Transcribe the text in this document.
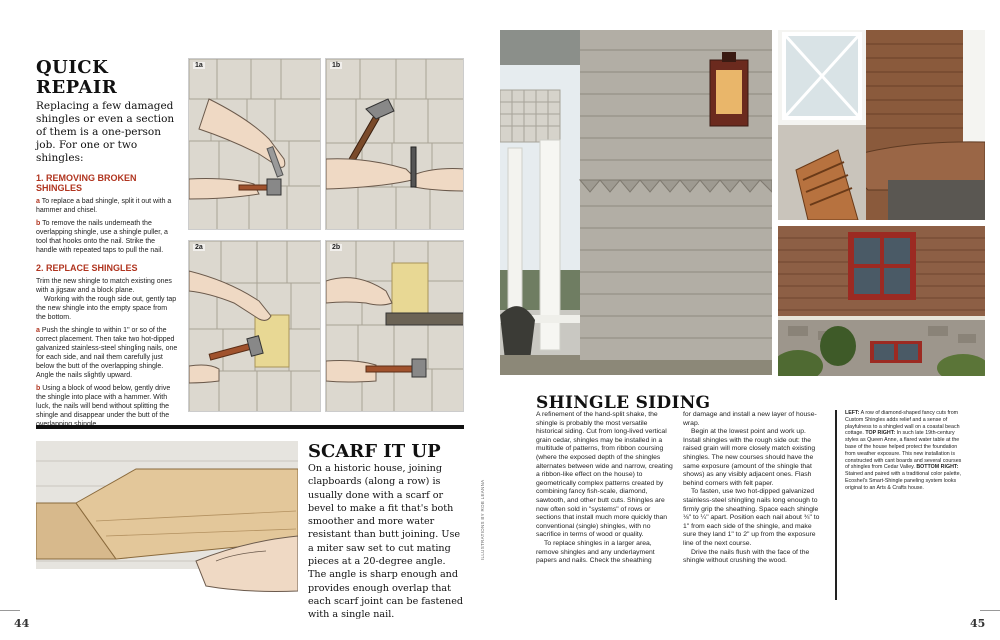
QUICK REPAIR
Replacing a few damaged shingles or even a section of them is a one-person job. For one or two shingles:
1. REMOVING BROKEN SHINGLES

a To replace a bad shingle, split it out with a hammer and chisel.

b To remove the nails underneath the overlapping shingle, use a shingle puller, a tool that hooks onto the nail. Strike the handle with repeated taps to pull the nail.

2. REPLACE SHINGLES

Trim the new shingle to match existing ones with a jigsaw and a block plane.

Working with the rough side out, gently tap the new shingle into the empty space from the bottom.

a Push the shingle to within 1" or so of the correct placement. Then take two hot-dipped galvanized stainless-steel shingling nails, one for each side, and nail them carefully just below the butt of the overlapping shingle. Angle the nails slightly upward.

b Using a block of wood below, gently drive the shingle into place with a hammer. With luck, the nails will bend without splitting the shingle and disappear under the butt of the

1a	1b
2a	2b
SCARF IT UP
On a historic house, joining clapboards (along a row) is usually done with a scarf or bevel to make a fit that's both smoother and more water resistant than butt joining. Use a miter saw set to cut mating pieces at a 20-degree angle. The angle is sharp enough and provides enough overlap that each scarf joint can be fastened with a single nail.
ILLUSTRATIONS BY ROB LEANNA
44
SHINGLE SIDING

A refinement of the hand-split shake, the shingle is probably the most versatile historical siding. Cut from long-lived vertical grain cedar, shingles may be installed in a multitude of patterns, from ribbon coursing (where the exposed depth of the shingles alternates between wide and narrow, creating a ribbon-like effect on the house) to geometrically complex patterns created by combining fancy fish-scale, diamond, sawtooth, and other butt cuts. Shingles are now often sold in "systems" of rows or sections that install much more quickly than conventional (single) shingles, with no sacrifice in terms of wood or quality.

To replace shingles in a larger area, remove shingles and any underlayment papers and nails. Check the sheathing

for damage and install a new layer of house-wrap.

Begin at the lowest point and work up. Install shingles with the rough side out: the raised grain will more closely match existing shingles. The new courses should have the same exposure (amount of the shingle that shows) as any visibly adjacent ones. Flash behind corners with felt paper.

To fasten, use two hot-dipped galvanized stainless-steel shingling nails long enough to firmly grip the sheathing. Space each shingle ⅛" to ¼" apart. Position each nail about ¾" to 1" from each side of the shingle, and make sure they land 1" to 2" up from the exposure line of the next course.

Drive the nails flush with the face of the shingle without crushing the wood.

LEFT: A row of diamond-shaped fancy cuts from Custom Shingles adds relief and a sense of playfulness to a shingled wall on a coastal beach cottage. TOP RIGHT: In such late 19th-century styles as Queen Anne, a flared water table at the base of the house helped protect the foundation from weather exposure. This new installation is constructed with cant boards and several courses of shingles from Cedar Valley. BOTTOM RIGHT: Stained and paired with a traditional color palette, Ecoshel's Smart-Shingle paneling system looks original to an Arts & Crafts house.
45
